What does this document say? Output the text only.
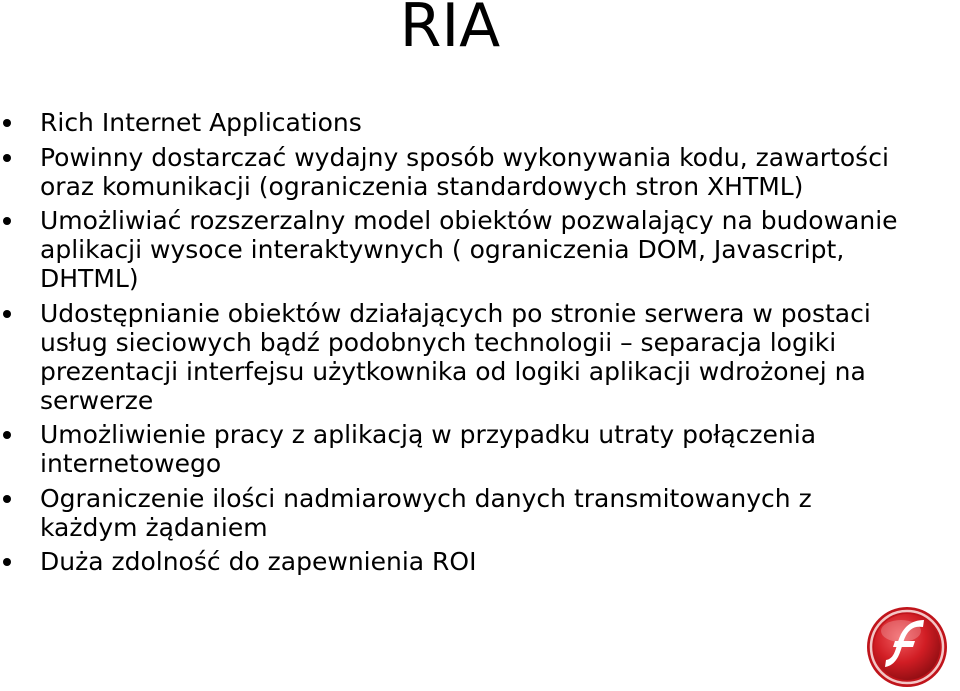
RIA
Rich Internet Applications
Powinny dostarczać wydajny sposób wykonywania kodu, zawartości oraz komunikacji (ograniczenia standardowych stron XHTML)
Umożliwiać rozszerzalny model obiektów pozwalający na budowanie aplikacji wysoce interaktywnych ( ograniczenia DOM, Javascript, DHTML)
Udostępnianie obiektów działających po stronie serwera w postaci usług sieciowych bądź podobnych technologii – separacja logiki prezentacji interfejsu użytkownika od logiki aplikacji wdrożonej na serwerze
Umożliwienie pracy z aplikacją w przypadku utraty połączenia internetowego
Ograniczenie ilości nadmiarowych danych transmitowanych z każdym żądaniem
Duża zdolność do zapewnienia ROI
